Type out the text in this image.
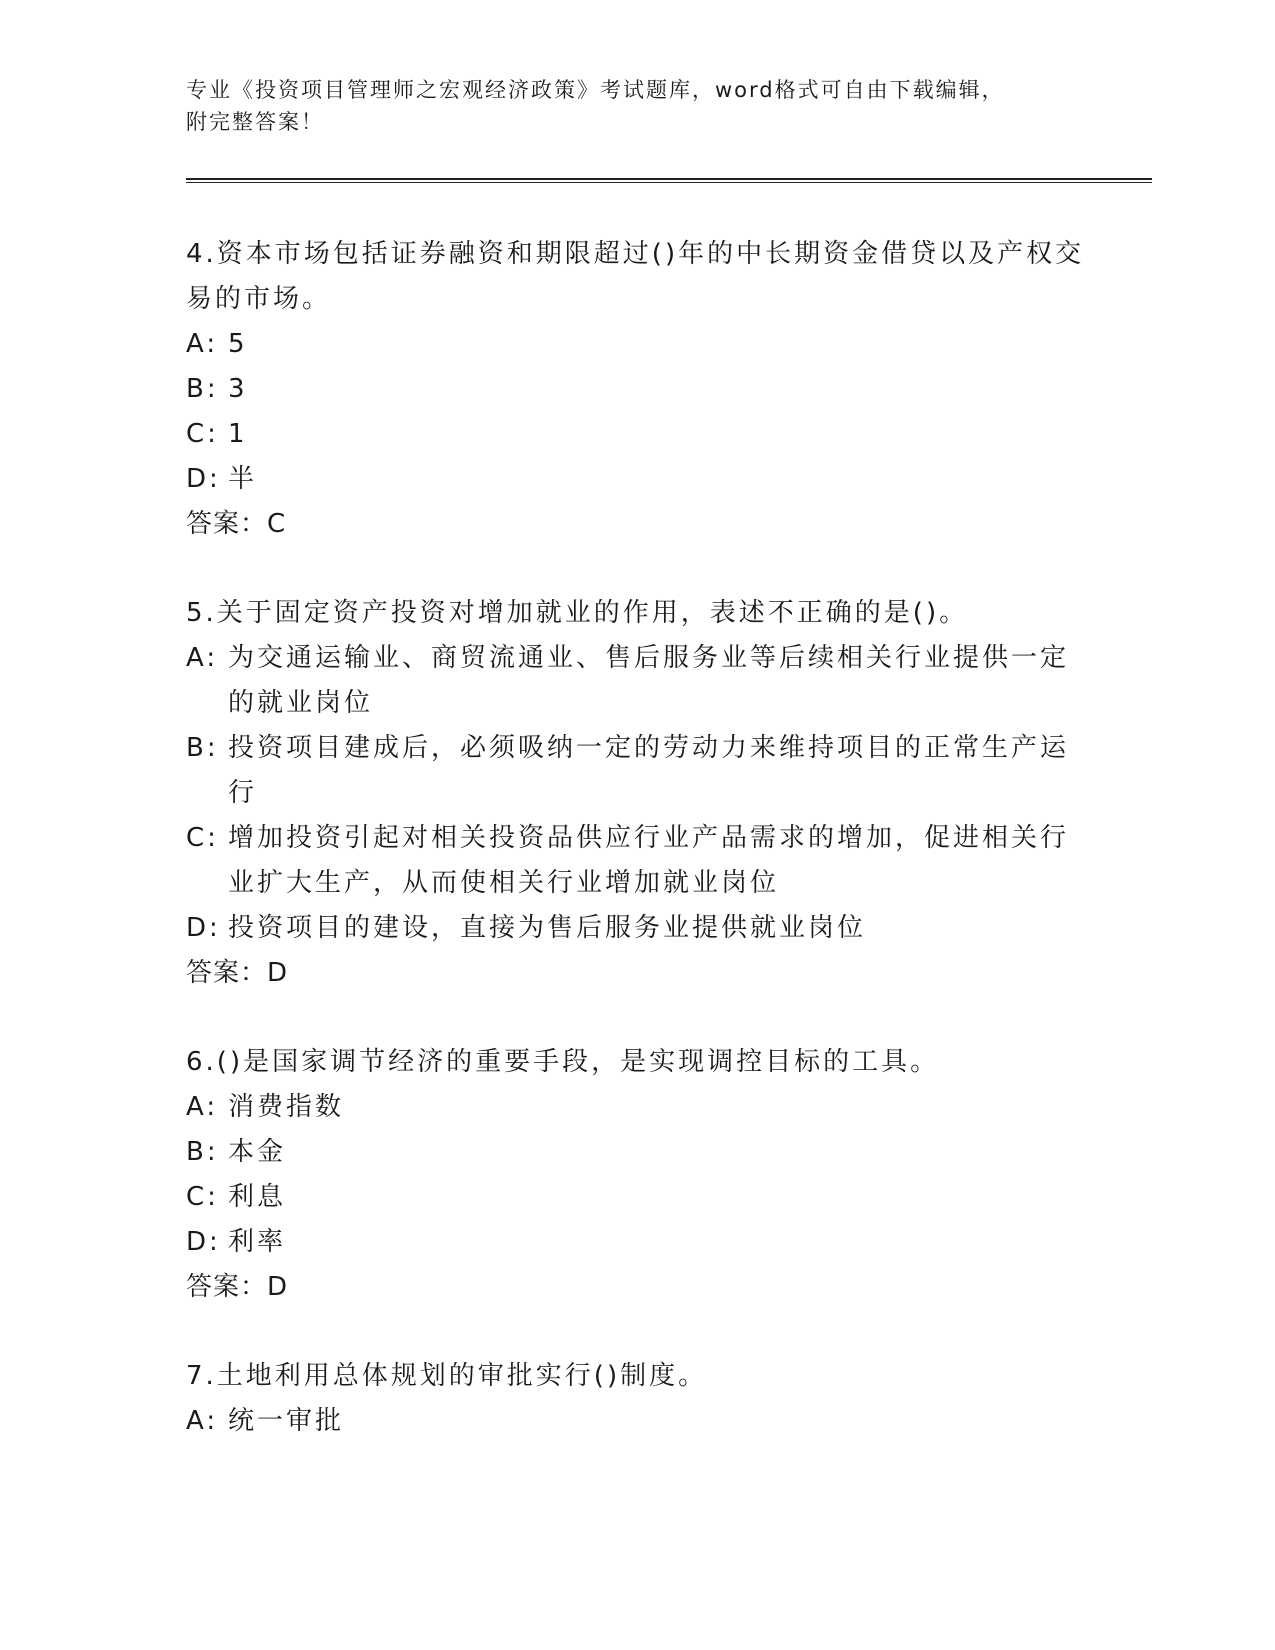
专业《投资项目管理师之宏观经济政策》考试题库，word格式可自由下载编辑，
附完整答案！

4.资本市场包括证券融资和期限超过()年的中长期资金借贷以及产权交易的市场。

A: 5
B: 3
C: 1
D: 半
答案：C

5.关于固定资产投资对增加就业的作用，表述不正确的是()。

A: 为交通运输业、商贸流通业、售后服务业等后续相关行业提供一定的就业岗位
B: 投资项目建成后，必须吸纳一定的劳动力来维持项目的正常生产运行
C: 增加投资引起对相关投资品供应行业产品需求的增加，促进相关行业扩大生产，从而使相关行业增加就业岗位
D: 投资项目的建设，直接为售后服务业提供就业岗位
答案：D

6.()是国家调节经济的重要手段，是实现调控目标的工具。

A: 消费指数
B: 本金
C: 利息
D: 利率
答案：D

7.土地利用总体规划的审批实行()制度。

A: 统一审批
